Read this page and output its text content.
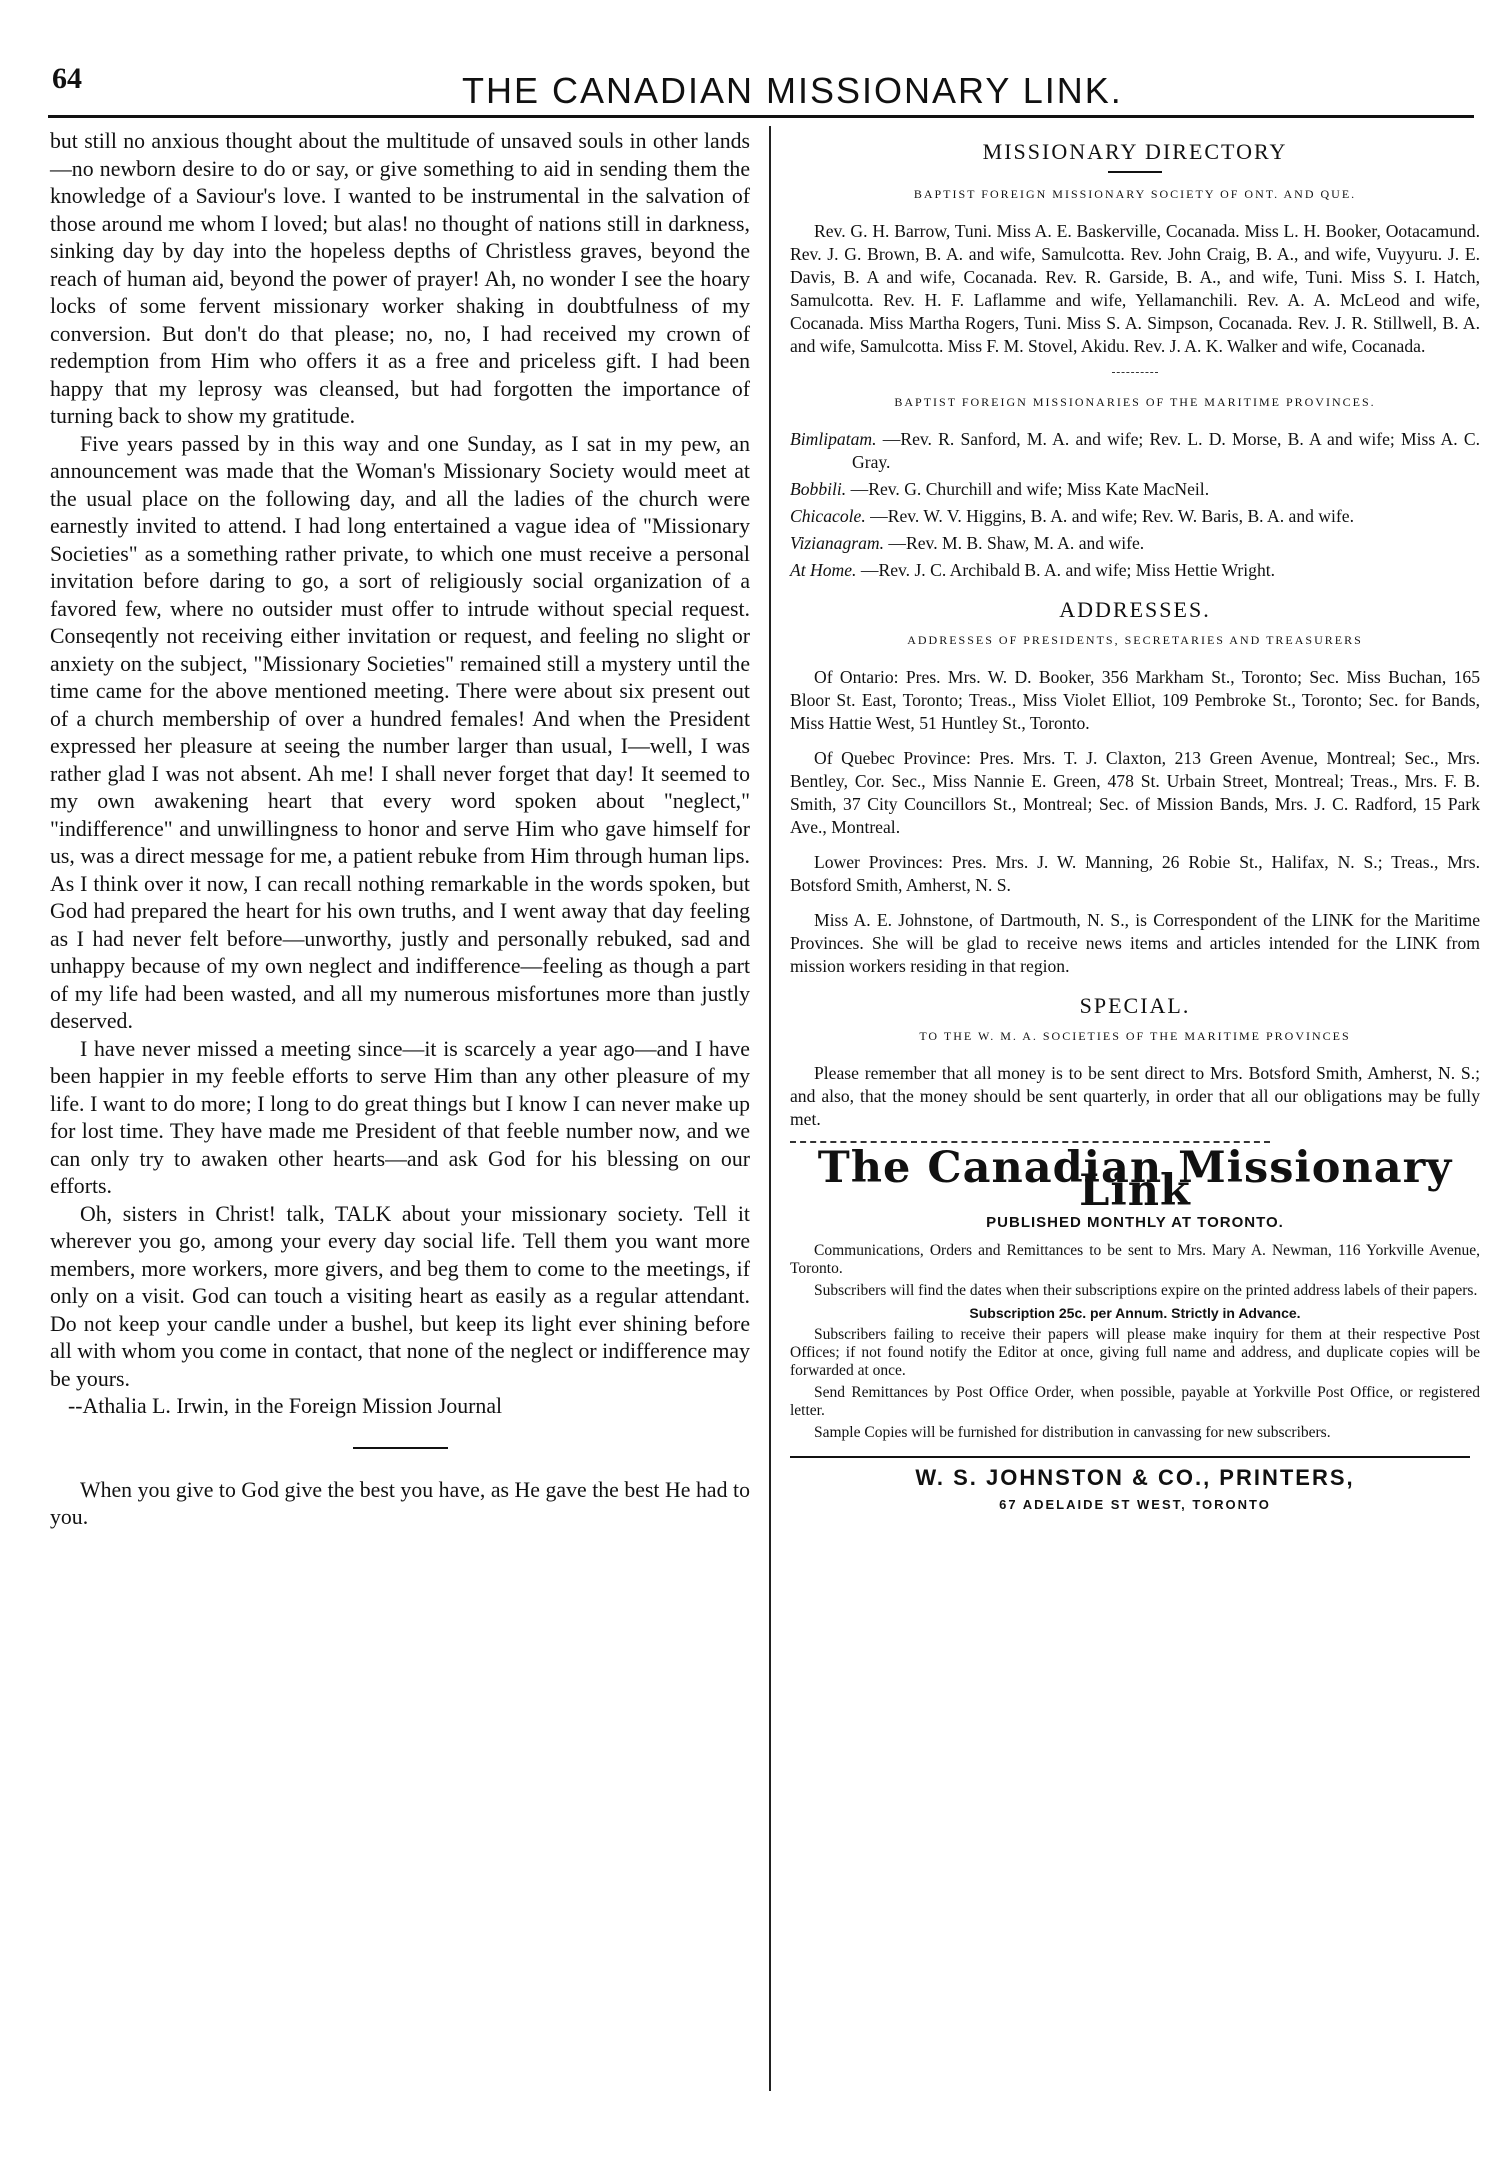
64	THE CANADIAN MISSIONARY LINK.

but still no anxious thought about the multitude of unsaved souls in other lands—no newborn desire to do or say, or give something to aid in sending them the knowledge of a Saviour's love. I wanted to be instrumental in the salvation of those around me whom I loved; but alas! no thought of nations still in darkness, sinking day by day into the hopeless depths of Christless graves, beyond the reach of human aid, beyond the power of prayer! Ah, no wonder I see the hoary locks of some fervent missionary worker shaking in doubtfulness of my conversion. But don't do that please; no, no, I had received my crown of redemption from Him who offers it as a free and priceless gift. I had been happy that my leprosy was cleansed, but had forgotten the importance of turning back to show my gratitude.

Five years passed by in this way and one Sunday, as I sat in my pew, an announcement was made that the Woman's Missionary Society would meet at the usual place on the following day, and all the ladies of the church were earnestly invited to attend. I had long entertained a vague idea of "Missionary Societies" as a something rather private, to which one must receive a personal invitation before daring to go, a sort of religiously social organization of a favored few, where no outsider must offer to intrude without special request. Conseqently not receiving either invitation or request, and feeling no slight or anxiety on the subject, "Missionary Societies" remained still a mystery until the time came for the above mentioned meeting. There were about six present out of a church membership of over a hundred females! And when the President expressed her pleasure at seeing the number larger than usual, I—well, I was rather glad I was not absent. Ah me! I shall never forget that day! It seemed to my own awakening heart that every word spoken about "neglect," "indifference" and unwillingness to honor and serve Him who gave himself for us, was a direct message for me, a patient rebuke from Him through human lips. As I think over it now, I can recall nothing remarkable in the words spoken, but God had prepared the heart for his own truths, and I went away that day feeling as I had never felt before—unworthy, justly and personally rebuked, sad and unhappy because of my own neglect and indifference—feeling as though a part of my life had been wasted, and all my numerous misfortunes more than justly deserved.

I have never missed a meeting since—it is scarcely a year ago—and I have been happier in my feeble efforts to serve Him than any other pleasure of my life. I want to do more; I long to do great things but I know I can never make up for lost time. They have made me President of that feeble number now, and we can only try to awaken other hearts—and ask God for his blessing on our efforts.

Oh, sisters in Christ! talk, TALK about your missionary society. Tell it wherever you go, among your every day social life. Tell them you want more members, more workers, more givers, and beg them to come to the meetings, if only on a visit. God can touch a visiting heart as easily as a regular attendant. Do not keep your candle under a bushel, but keep its light ever shining before all with whom you come in contact, that none of the neglect or indifference may be yours.

--Athalia L. Irwin, in the Foreign Mission Journal

When you give to God give the best you have, as He gave the best He had to you.

MISSIONARY DIRECTORY
BAPTIST FOREIGN MISSIONARY SOCIETY OF ONT. AND QUE.

Rev. G. H. Barrow, Tuni. Miss A. E. Baskerville, Cocanada. Miss L. H. Booker, Ootacamund. Rev. J. G. Brown, B. A. and wife, Samulcotta. Rev. John Craig, B. A., and wife, Vuyyuru. J. E. Davis, B. A and wife, Cocanada. Rev. R. Garside, B. A., and wife, Tuni. Miss S. I. Hatch, Samulcotta. Rev. H. F. Laflamme and wife, Yellamanchili. Rev. A. A. McLeod and wife, Cocanada. Miss Martha Rogers, Tuni. Miss S. A. Simpson, Cocanada. Rev. J. R. Stillwell, B. A. and wife, Samulcotta. Miss F. M. Stovel, Akidu. Rev. J. A. K. Walker and wife, Cocanada.

BAPTIST FOREIGN MISSIONARIES OF THE MARITIME PROVINCES.

Bimlipatam. —Rev. R. Sanford, M. A. and wife; Rev. L. D. Morse, B. A and wife; Miss A. C. Gray.

Bobbili. —Rev. G. Churchill and wife; Miss Kate MacNeil.

Chicacole. —Rev. W. V. Higgins, B. A. and wife; Rev. W. Baris, B. A. and wife.

Vizianagram. —Rev. M. B. Shaw, M. A. and wife.

At Home. —Rev. J. C. Archibald B. A. and wife; Miss Hettie Wright.

ADDRESSES.
ADDRESSES OF PRESIDENTS, SECRETARIES AND TREASURERS

Of Ontario: Pres. Mrs. W. D. Booker, 356 Markham St., Toronto; Sec. Miss Buchan, 165 Bloor St. East, Toronto; Treas., Miss Violet Elliot, 109 Pembroke St., Toronto; Sec. for Bands, Miss Hattie West, 51 Huntley St., Toronto.

Of Quebec Province: Pres. Mrs. T. J. Claxton, 213 Green Avenue, Montreal; Sec., Mrs. Bentley, Cor. Sec., Miss Nannie E. Green, 478 St. Urbain Street, Montreal; Treas., Mrs. F. B. Smith, 37 City Councillors St., Montreal; Sec. of Mission Bands, Mrs. J. C. Radford, 15 Park Ave., Montreal.

Lower Provinces: Pres. Mrs. J. W. Manning, 26 Robie St., Halifax, N. S.; Treas., Mrs. Botsford Smith, Amherst, N. S.

Miss A. E. Johnstone, of Dartmouth, N. S., is Correspondent of the LINK for the Maritime Provinces. She will be glad to receive news items and articles intended for the LINK from mission workers residing in that region.

SPECIAL.
TO THE W. M. A. SOCIETIES OF THE MARITIME PROVINCES

Please remember that all money is to be sent direct to Mrs. Botsford Smith, Amherst, N. S.; and also, that the money should be sent quarterly, in order that all our obligations may be fully met.

The Canadian Missionary Link
PUBLISHED MONTHLY AT TORONTO.

Communications, Orders and Remittances to be sent to Mrs. Mary A. Newman, 116 Yorkville Avenue, Toronto.

Subscribers will find the dates when their subscriptions expire on the printed address labels of their papers.

Subscription 25c. per Annum. Strictly in Advance.

Subscribers failing to receive their papers will please make inquiry for them at their respective Post Offices; if not found notify the Editor at once, giving full name and address, and duplicate copies will be forwarded at once.

Send Remittances by Post Office Order, when possible, payable at Yorkville Post Office, or registered letter.

Sample Copies will be furnished for distribution in canvassing for new subscribers.

W. S. JOHNSTON & CO., PRINTERS,
67 ADELAIDE ST WEST, TORONTO
